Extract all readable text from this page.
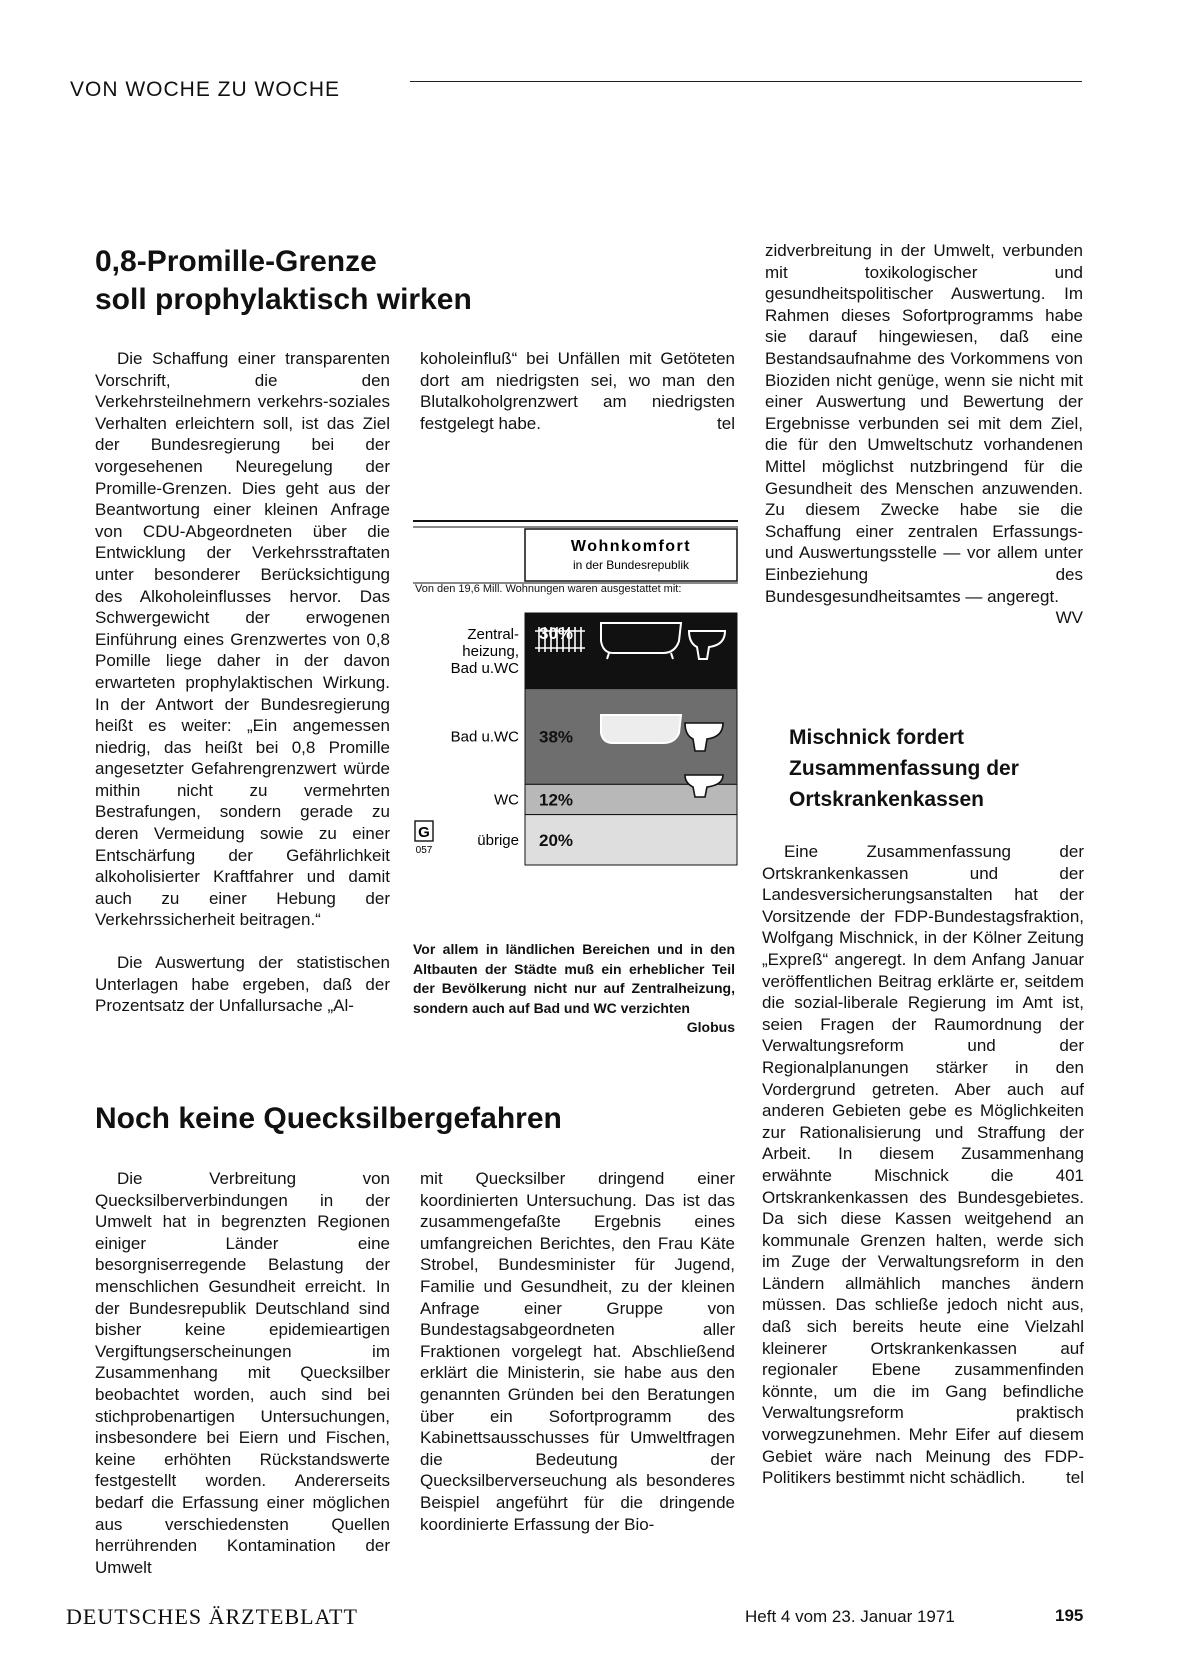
VON WOCHE ZU WOCHE
0,8-Promille-Grenze
soll prophylaktisch wirken

Die Schaffung einer transparenten Vorschrift, die den Verkehrsteilnehmern verkehrs-soziales Verhalten erleichtern soll, ist das Ziel der Bundesregierung bei der vorgesehenen Neuregelung der Promille-Grenzen. Dies geht aus der Beantwortung einer kleinen Anfrage von CDU-Abgeordneten über die Entwicklung der Verkehrsstraftaten unter besonderer Berücksichtigung des Alkoholeinflusses hervor. Das Schwergewicht der erwogenen Einführung eines Grenzwertes von 0,8 Pomille liege daher in der davon erwarteten prophylaktischen Wirkung. In der Antwort der Bundesregierung heißt es weiter: „Ein angemessen niedrig, das heißt bei 0,8 Promille angesetzter Gefahrengrenzwert würde mithin nicht zu vermehrten Bestrafungen, sondern gerade zu deren Vermeidung sowie zu einer Entschärfung der Gefährlichkeit alkoholisierter Kraftfahrer und damit auch zu einer Hebung der Verkehrssicherheit beitragen.“

Die Auswertung der statistischen Unterlagen habe ergeben, daß der Prozentsatz der Unfallursache „Al-

koholeinfluß“ bei Unfällen mit Getöteten dort am niedrigsten sei, wo man den Blutalkoholgrenzwert am niedrigsten festgelegt habe.	tel

Wohnkomfort
in der Bundesrepublik
Von den 19,6 Mill. Wohnungen waren ausgestattet mit:
Zentral-
heizung,
Bad u.WC
Bad u.WC
WC
übrige
30%
38%
12%
20%
G
057
Vor allem in ländlichen Bereichen und in den Altbauten der Städte muß ein erheblicher Teil der Bevölkerung nicht nur auf Zentralheizung, sondern auch auf Bad und WC verzichten
Globus
Noch keine Quecksilbergefahren

Die Verbreitung von Quecksilberverbindungen in der Umwelt hat in begrenzten Regionen einiger Länder eine besorgniserregende Belastung der menschlichen Gesundheit erreicht. In der Bundesrepublik Deutschland sind bisher keine epidemieartigen Vergiftungserscheinungen im Zusammenhang mit Quecksilber beobachtet worden, auch sind bei stichprobenartigen Untersuchungen, insbesondere bei Eiern und Fischen, keine erhöhten Rückstandswerte festgestellt worden. Andererseits bedarf die Erfassung einer möglichen aus verschiedensten Quellen herrührenden Kontamination der Umwelt

mit Quecksilber dringend einer koordinierten Untersuchung. Das ist das zusammengefaßte Ergebnis eines umfangreichen Berichtes, den Frau Käte Strobel, Bundesminister für Jugend, Familie und Gesundheit, zu der kleinen Anfrage einer Gruppe von Bundestagsabgeordneten aller Fraktionen vorgelegt hat. Abschließend erklärt die Ministerin, sie habe aus den genannten Gründen bei den Beratungen über ein Sofortprogramm des Kabinettsausschusses für Umweltfragen die Bedeutung der Quecksilberverseuchung als besonderes Beispiel angeführt für die dringende koordinierte Erfassung der Bio-

zidverbreitung in der Umwelt, verbunden mit toxikologischer und gesundheitspolitischer Auswertung. Im Rahmen dieses Sofortprogramms habe sie darauf hingewiesen, daß eine Bestandsaufnahme des Vorkommens von Bioziden nicht genüge, wenn sie nicht mit einer Auswertung und Bewertung der Ergebnisse verbunden sei mit dem Ziel, die für den Umweltschutz vorhandenen Mittel möglichst nutzbringend für die Gesundheit des Menschen anzuwenden. Zu diesem Zwecke habe sie die Schaffung einer zentralen Erfassungs- und Auswertungsstelle — vor allem unter Einbeziehung des Bundesgesundheitsamtes — angeregt.
WV

Mischnick fordert
Zusammenfassung der
Ortskrankenkassen

Eine Zusammenfassung der Ortskrankenkassen und der Landesversicherungsanstalten hat der Vorsitzende der FDP-Bundestagsfraktion, Wolfgang Mischnick, in der Kölner Zeitung „Expreß“ angeregt. In dem Anfang Januar veröffentlichen Beitrag erklärte er, seitdem die sozial-liberale Regierung im Amt ist, seien Fragen der Raumordnung der Verwaltungsreform und der Regionalplanungen stärker in den Vordergrund getreten. Aber auch auf anderen Gebieten gebe es Möglichkeiten zur Rationalisierung und Straffung der Arbeit. In diesem Zusammenhang erwähnte Mischnick die 401 Ortskrankenkassen des Bundesgebietes. Da sich diese Kassen weitgehend an kommunale Grenzen halten, werde sich im Zuge der Verwaltungsreform in den Ländern allmählich manches ändern müssen. Das schließe jedoch nicht aus, daß sich bereits heute eine Vielzahl kleinerer Ortskrankenkassen auf regionaler Ebene zusammenfinden könnte, um die im Gang befindliche Verwaltungsreform praktisch vorwegzunehmen. Mehr Eifer auf diesem Gebiet wäre nach Meinung des FDP-Politikers bestimmt nicht schädlich.	tel

DEUTSCHES ÄRZTEBLATT	Heft 4 vom 23. Januar 1971	195
